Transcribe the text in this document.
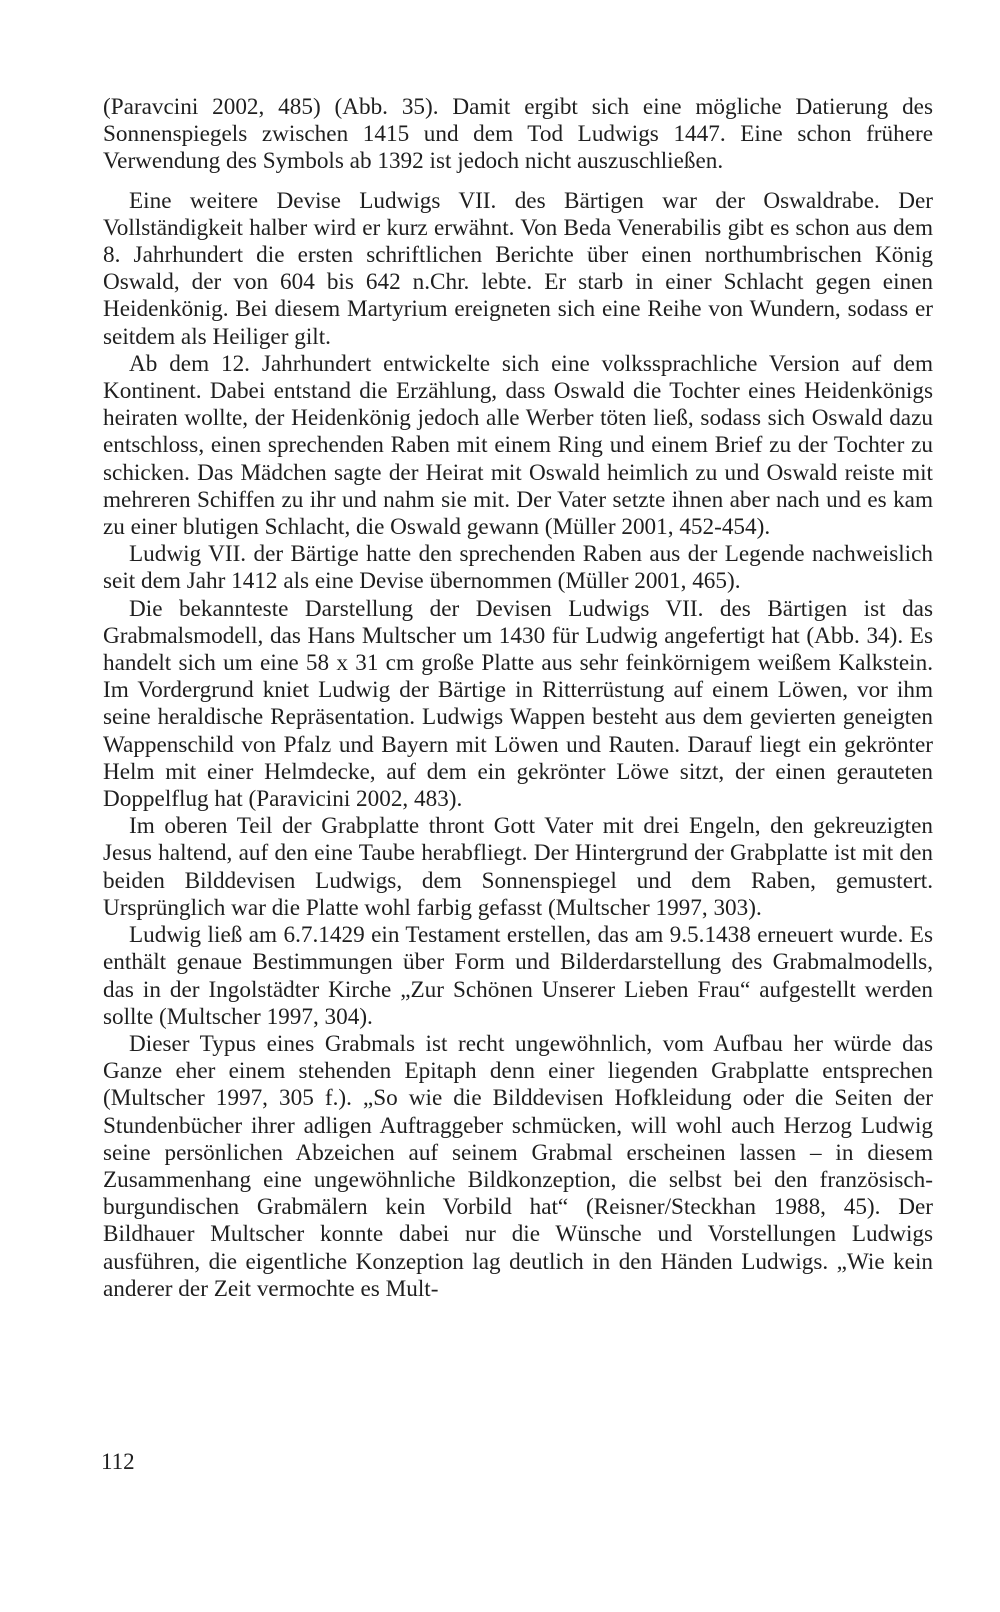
(Paravcini 2002, 485) (Abb. 35). Damit ergibt sich eine mögliche Datierung des Sonnenspiegels zwischen 1415 und dem Tod Ludwigs 1447. Eine schon frühere Verwendung des Symbols ab 1392 ist jedoch nicht auszuschließen.

Eine weitere Devise Ludwigs VII. des Bärtigen war der Oswaldrabe. Der Vollständigkeit halber wird er kurz erwähnt. Von Beda Venerabilis gibt es schon aus dem 8. Jahrhundert die ersten schriftlichen Berichte über einen northumbrischen König Oswald, der von 604 bis 642 n.Chr. lebte. Er starb in einer Schlacht gegen einen Heidenkönig. Bei diesem Martyrium ereigneten sich eine Reihe von Wundern, sodass er seitdem als Heiliger gilt.

Ab dem 12. Jahrhundert entwickelte sich eine volkssprachliche Version auf dem Kontinent. Dabei entstand die Erzählung, dass Oswald die Tochter eines Heidenkönigs heiraten wollte, der Heidenkönig jedoch alle Werber töten ließ, sodass sich Oswald dazu entschloss, einen sprechenden Raben mit einem Ring und einem Brief zu der Tochter zu schicken. Das Mädchen sagte der Heirat mit Oswald heimlich zu und Oswald reiste mit mehreren Schiffen zu ihr und nahm sie mit. Der Vater setzte ihnen aber nach und es kam zu einer blutigen Schlacht, die Oswald gewann (Müller 2001, 452-454).

Ludwig VII. der Bärtige hatte den sprechenden Raben aus der Legende nachweislich seit dem Jahr 1412 als eine Devise übernommen (Müller 2001, 465).

Die bekannteste Darstellung der Devisen Ludwigs VII. des Bärtigen ist das Grabmalsmodell, das Hans Multscher um 1430 für Ludwig angefertigt hat (Abb. 34). Es handelt sich um eine 58 x 31 cm große Platte aus sehr feinkörnigem weißem Kalkstein. Im Vordergrund kniet Ludwig der Bärtige in Ritterrüstung auf einem Löwen, vor ihm seine heraldische Repräsentation. Ludwigs Wappen besteht aus dem gevierten geneigten Wappenschild von Pfalz und Bayern mit Löwen und Rauten. Darauf liegt ein gekrönter Helm mit einer Helmdecke, auf dem ein gekrönter Löwe sitzt, der einen gerauteten Doppelflug hat (Paravicini 2002, 483).

Im oberen Teil der Grabplatte thront Gott Vater mit drei Engeln, den gekreuzigten Jesus haltend, auf den eine Taube herabfliegt. Der Hintergrund der Grabplatte ist mit den beiden Bilddevisen Ludwigs, dem Sonnenspiegel und dem Raben, gemustert. Ursprünglich war die Platte wohl farbig gefasst (Multscher 1997, 303).

Ludwig ließ am 6.7.1429 ein Testament erstellen, das am 9.5.1438 erneuert wurde. Es enthält genaue Bestimmungen über Form und Bilderdarstellung des Grabmalmodells, das in der Ingolstädter Kirche „Zur Schönen Unserer Lieben Frau“ aufgestellt werden sollte (Multscher 1997, 304).

Dieser Typus eines Grabmals ist recht ungewöhnlich, vom Aufbau her würde das Ganze eher einem stehenden Epitaph denn einer liegenden Grabplatte entsprechen (Multscher 1997, 305 f.). „So wie die Bilddevisen Hofkleidung oder die Seiten der Stundenbücher ihrer adligen Auftraggeber schmücken, will wohl auch Herzog Ludwig seine persönlichen Abzeichen auf seinem Grabmal erscheinen lassen – in diesem Zusammenhang eine ungewöhnliche Bildkonzeption, die selbst bei den französisch-burgundischen Grabmälern kein Vorbild hat“ (Reisner/Steckhan 1988, 45). Der Bildhauer Multscher konnte dabei nur die Wünsche und Vorstellungen Ludwigs ausführen, die eigentliche Konzeption lag deutlich in den Händen Ludwigs. „Wie kein anderer der Zeit vermochte es Mult-

112
